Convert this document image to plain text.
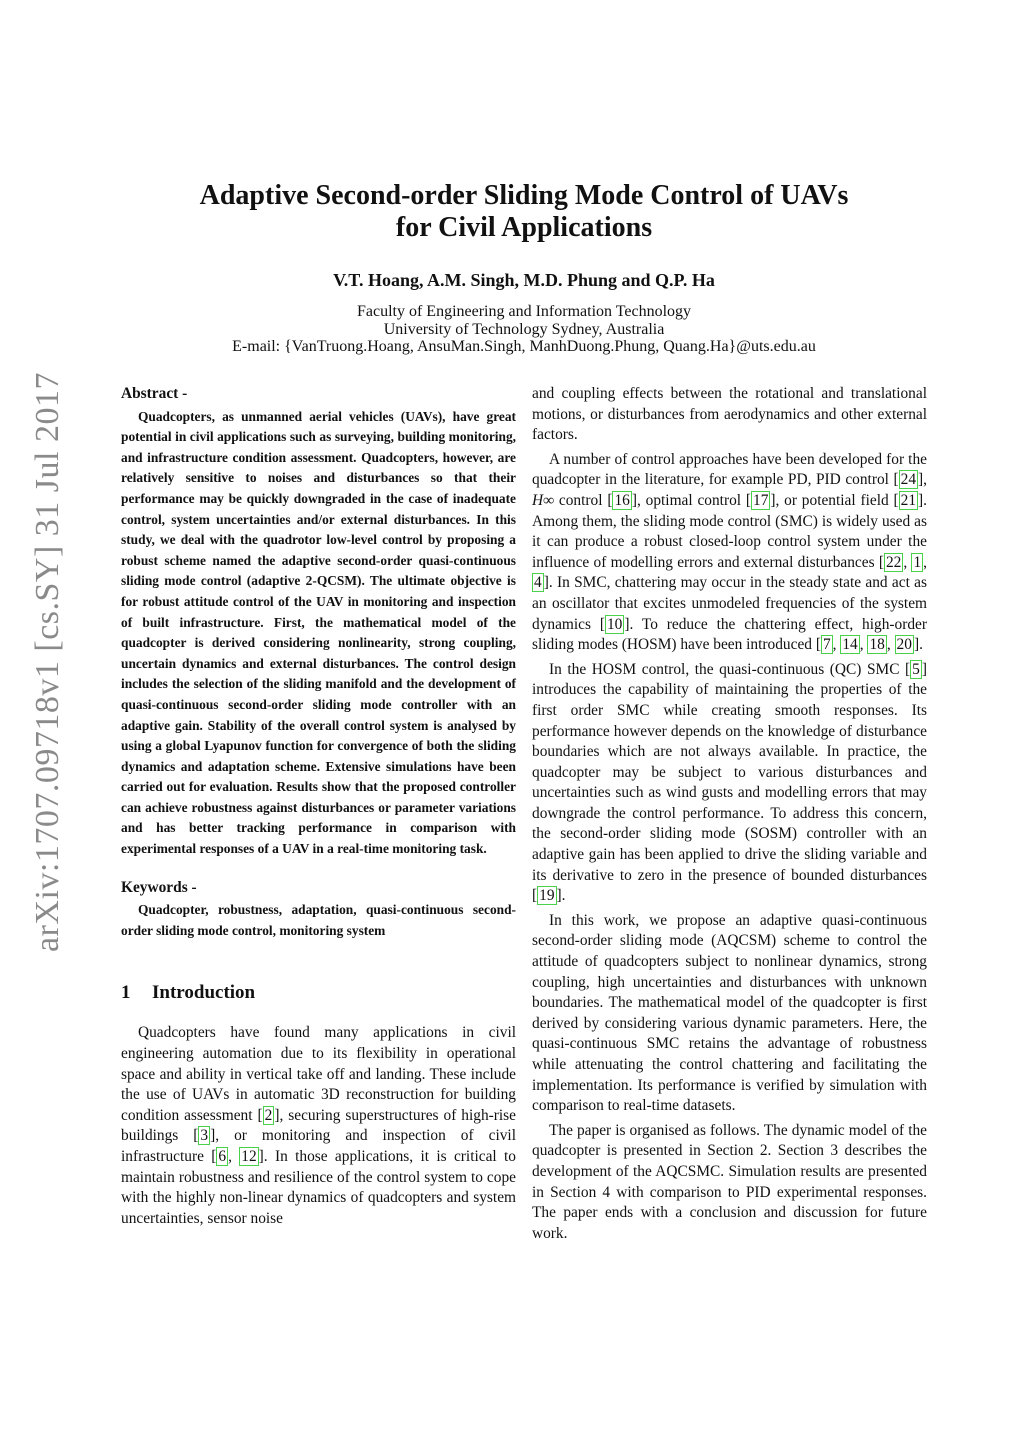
arXiv:1707.09718v1 [cs.SY] 31 Jul 2017
Adaptive Second-order Sliding Mode Control of UAVs
for Civil Applications
V.T. Hoang, A.M. Singh, M.D. Phung and Q.P. Ha
Faculty of Engineering and Information Technology
University of Technology Sydney, Australia
E-mail: {VanTruong.Hoang, AnsuMan.Singh, ManhDuong.Phung, Quang.Ha}@uts.edu.au

Abstract -

Quadcopters, as unmanned aerial vehicles (UAVs), have great potential in civil applications such as surveying, building monitoring, and infrastructure condition assessment. Quadcopters, however, are relatively sensitive to noises and disturbances so that their performance may be quickly downgraded in the case of inadequate control, system uncertainties and/or external disturbances. In this study, we deal with the quadrotor low-level control by proposing a robust scheme named the adaptive second-order quasi-continuous sliding mode control (adaptive 2-QCSM). The ultimate objective is for robust attitude control of the UAV in monitoring and inspection of built infrastructure. First, the mathematical model of the quadcopter is derived considering nonlinearity, strong coupling, uncertain dynamics and external disturbances. The control design includes the selection of the sliding manifold and the development of quasi-continuous second-order sliding mode controller with an adaptive gain. Stability of the overall control system is analysed by using a global Lyapunov function for convergence of both the sliding dynamics and adaptation scheme. Extensive simulations have been carried out for evaluation. Results show that the proposed controller can achieve robustness against disturbances or parameter variations and has better tracking performance in comparison with experimental responses of a UAV in a real-time monitoring task.

Keywords -

Quadcopter, robustness, adaptation, quasi-continuous second-order sliding mode control, monitoring system

1 Introduction

Quadcopters have found many applications in civil engineering automation due to its flexibility in operational space and ability in vertical take off and landing. These include the use of UAVs in automatic 3D reconstruction for building condition assessment [ 2 ], securing superstructures of high-rise buildings [ 3 ], or monitoring and inspection of civil infrastructure [ 6 , 12 ]. In those applications, it is critical to maintain robustness and resilience of the control system to cope with the highly non-linear dynamics of quadcopters and system uncertainties, sensor noise

and coupling effects between the rotational and translational motions, or disturbances from aerodynamics and other external factors.

A number of control approaches have been developed for the quadcopter in the literature, for example PD, PID control [ 24 ], H∞ control [ 16 ], optimal control [ 17 ], or potential field [ 21 ]. Among them, the sliding mode control (SMC) is widely used as it can produce a robust closed-loop control system under the influence of modelling errors and external disturbances [ 22 , 1 , 4 ]. In SMC, chattering may occur in the steady state and act as an oscillator that excites unmodeled frequencies of the system dynamics [ 10 ]. To reduce the chattering effect, high-order sliding modes (HOSM) have been introduced [ 7 , 14 , 18 , 20 ].

In the HOSM control, the quasi-continuous (QC) SMC [ 5 ] introduces the capability of maintaining the properties of the first order SMC while creating smooth responses. Its performance however depends on the knowledge of disturbance boundaries which are not always available. In practice, the quadcopter may be subject to various disturbances and uncertainties such as wind gusts and modelling errors that may downgrade the control performance. To address this concern, the second-order sliding mode (SOSM) controller with an adaptive gain has been applied to drive the sliding variable and its derivative to zero in the presence of bounded disturbances [ 19 ].

In this work, we propose an adaptive quasi-continuous second-order sliding mode (AQCSM) scheme to control the attitude of quadcopters subject to nonlinear dynamics, strong coupling, high uncertainties and disturbances with unknown boundaries. The mathematical model of the quadcopter is first derived by considering various dynamic parameters. Here, the quasi-continuous SMC retains the advantage of robustness while attenuating the control chattering and facilitating the implementation. Its performance is verified by simulation with comparison to real-time datasets.

The paper is organised as follows. The dynamic model of the quadcopter is presented in Section 2. Section 3 describes the development of the AQCSMC. Simulation results are presented in Section 4 with comparison to PID experimental responses. The paper ends with a conclusion and discussion for future work.
